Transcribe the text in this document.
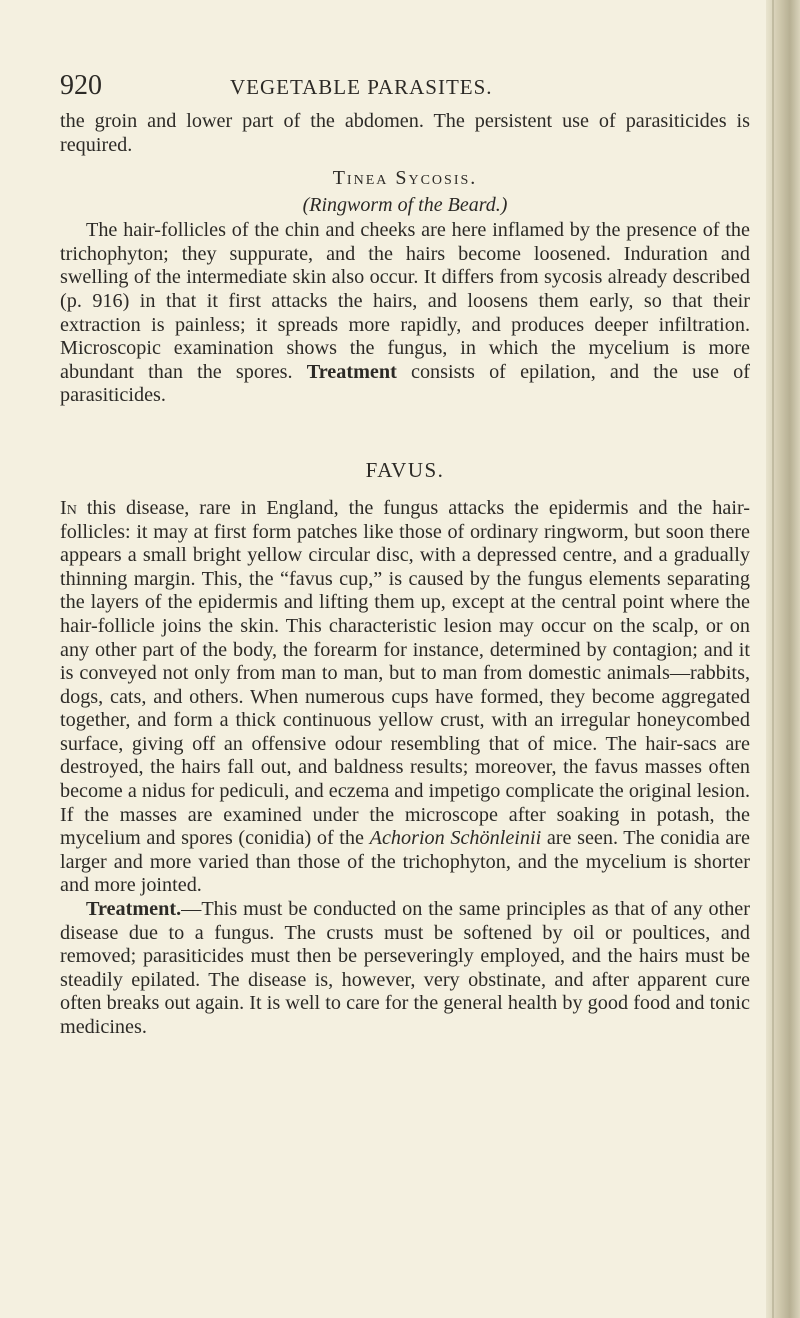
920	VEGETABLE PARASITES.

the groin and lower part of the abdomen. The persistent use of parasiticides is required.

Tinea Sycosis.
(Ringworm of the Beard.)

The hair-follicles of the chin and cheeks are here inflamed by the presence of the trichophyton; they suppurate, and the hairs become loosened. Induration and swelling of the intermediate skin also occur. It differs from sycosis already described (p. 916) in that it first attacks the hairs, and loosens them early, so that their extraction is painless; it spreads more rapidly, and produces deeper infiltration. Microscopic examination shows the fungus, in which the mycelium is more abundant than the spores. Treatment consists of epilation, and the use of parasiticides.

FAVUS.

In this disease, rare in England, the fungus attacks the epidermis and the hair-follicles: it may at first form patches like those of ordinary ringworm, but soon there appears a small bright yellow circular disc, with a depressed centre, and a gradually thinning margin. This, the “favus cup,” is caused by the fungus elements separating the layers of the epidermis and lifting them up, except at the central point where the hair-follicle joins the skin. This characteristic lesion may occur on the scalp, or on any other part of the body, the forearm for instance, determined by contagion; and it is conveyed not only from man to man, but to man from domestic animals—rabbits, dogs, cats, and others. When numerous cups have formed, they become aggregated together, and form a thick continuous yellow crust, with an irregular honeycombed surface, giving off an offensive odour resembling that of mice. The hair-sacs are destroyed, the hairs fall out, and baldness results; moreover, the favus masses often become a nidus for pediculi, and eczema and impetigo complicate the original lesion. If the masses are examined under the microscope after soaking in potash, the mycelium and spores (conidia) of the Achorion Schönleinii are seen. The conidia are larger and more varied than those of the trichophyton, and the mycelium is shorter and more jointed.

Treatment.—This must be conducted on the same principles as that of any other disease due to a fungus. The crusts must be softened by oil or poultices, and removed; parasiticides must then be perseveringly employed, and the hairs must be steadily epilated. The disease is, however, very obstinate, and after apparent cure often breaks out again. It is well to care for the general health by good food and tonic medicines.
